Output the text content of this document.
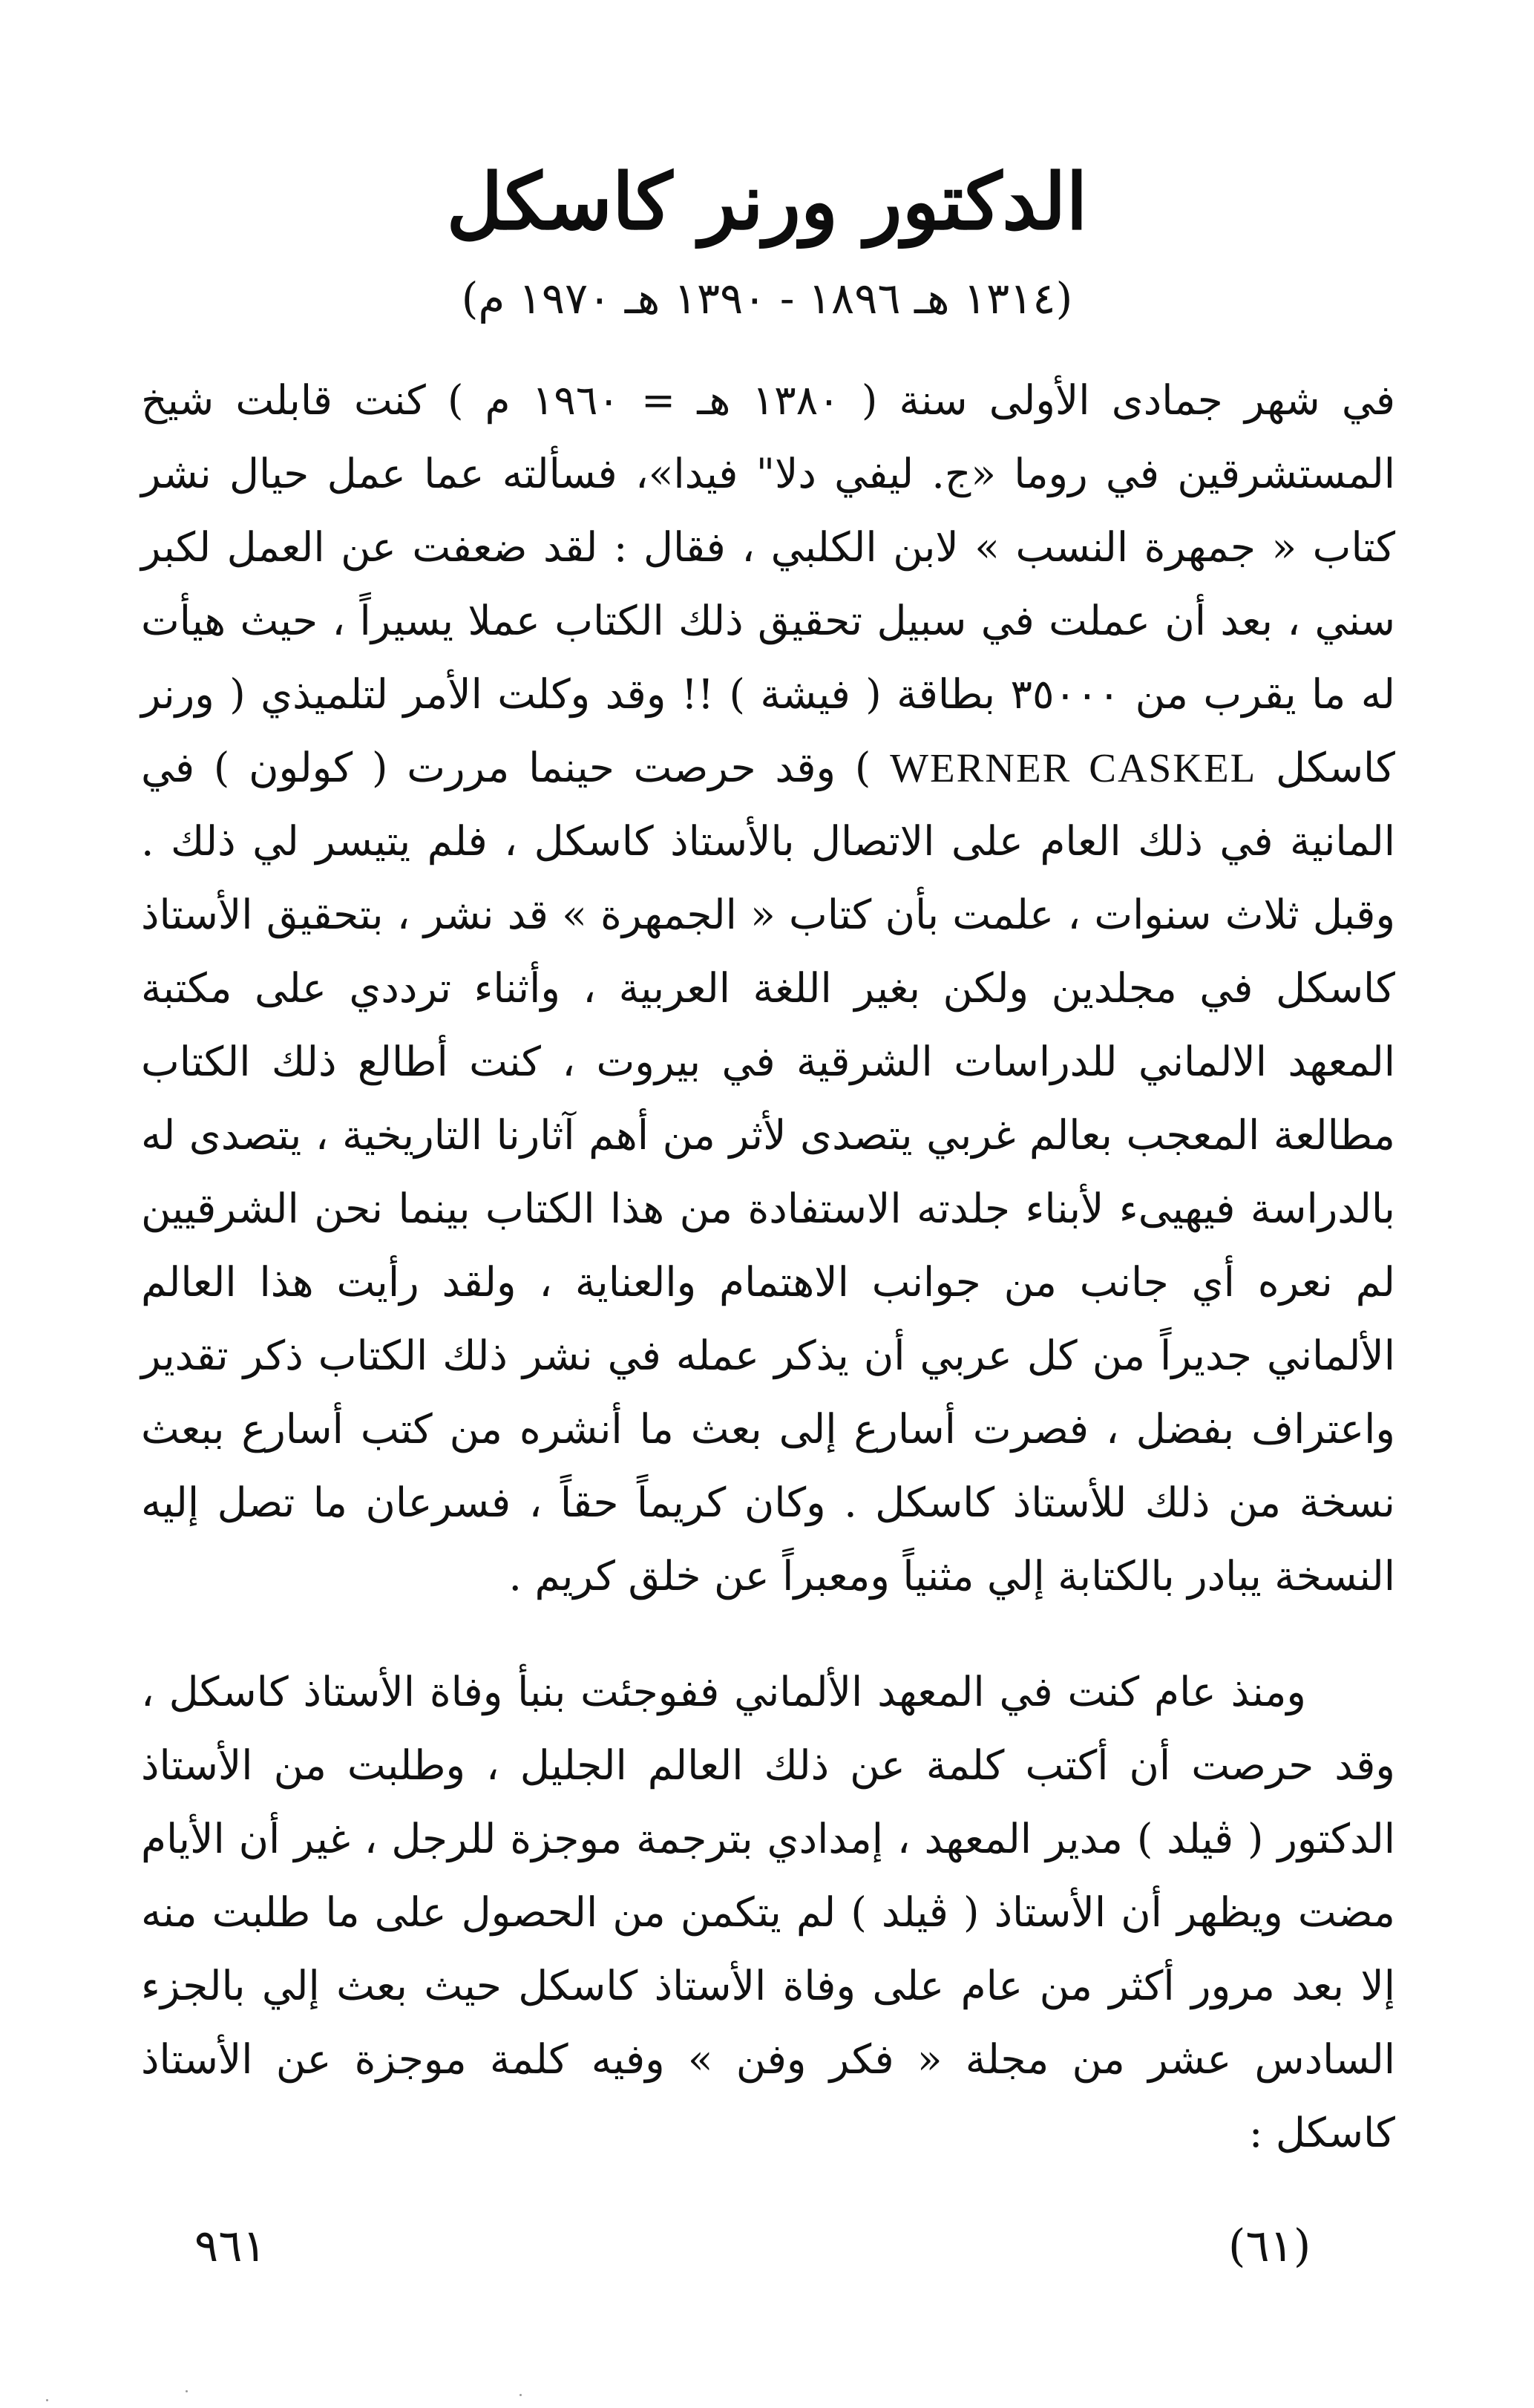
الدكتور ورنر كاسكل
(١٣١٤ هـ ١٨٩٦ - ١٣٩٠ هـ ١٩٧٠ م)

في شهر جمادى الأولى سنة ( ١٣٨٠ هـ = ١٩٦٠ م ) كنت قابلت شيخ المستشرقين في روما «ج. ليفي دلا" فيدا»، فسألته عما عمل حيال نشر كتاب « جمهرة النسب » لابن الكلبي ، فقال : لقد ضعفت عن العمل لكبر سني ، بعد أن عملت في سبيل تحقيق ذلك الكتاب عملا يسيراً ، حيث هيأت له ما يقرب من ٣٥٠٠٠ بطاقة ( فيشة ) !! وقد وكلت الأمر لتلميذي ( ورنر كاسكل WERNER CASKEL ) وقد حرصت حينما مررت ( كولون ) في المانية في ذلك العام على الاتصال بالأستاذ كاسكل ، فلم يتيسر لي ذلك . وقبل ثلاث سنوات ، علمت بأن كتاب « الجمهرة » قد نشر ، بتحقيق الأستاذ كاسكل في مجلدين ولكن بغير اللغة العربية ، وأثناء ترددي على مكتبة المعهد الالماني للدراسات الشرقية في بيروت ، كنت أطالع ذلك الكتاب مطالعة المعجب بعالم غربي يتصدى لأثر من أهم آثارنا التاريخية ، يتصدى له بالدراسة فيهيىء لأبناء جلدته الاستفادة من هذا الكتاب بينما نحن الشرقيين لم نعره أي جانب من جوانب الاهتمام والعناية ، ولقد رأيت هذا العالم الألماني جديراً من كل عربي أن يذكر عمله في نشر ذلك الكتاب ذكر تقدير واعتراف بفضل ، فصرت أسارع إلى بعث ما أنشره من كتب أسارع ببعث نسخة من ذلك للأستاذ كاسكل . وكان كريماً حقاً ، فسرعان ما تصل إليه النسخة يبادر بالكتابة إلي مثنياً ومعبراً عن خلق كريم .

ومنذ عام كنت في المعهد الألماني ففوجئت بنبأ وفاة الأستاذ كاسكل ، وقد حرصت أن أكتب كلمة عن ذلك العالم الجليل ، وطلبت من الأستاذ الدكتور ( ڤيلد ) مدير المعهد ، إمدادي بترجمة موجزة للرجل ، غير أن الأيام مضت ويظهر أن الأستاذ ( ڤيلد ) لم يتكمن من الحصول على ما طلبت منه إلا بعد مرور أكثر من عام على وفاة الأستاذ كاسكل حيث بعث إلي بالجزء السادس عشر من مجلة « فكر وفن » وفيه كلمة موجزة عن الأستاذ كاسكل :

٩٦١	(٦١)
